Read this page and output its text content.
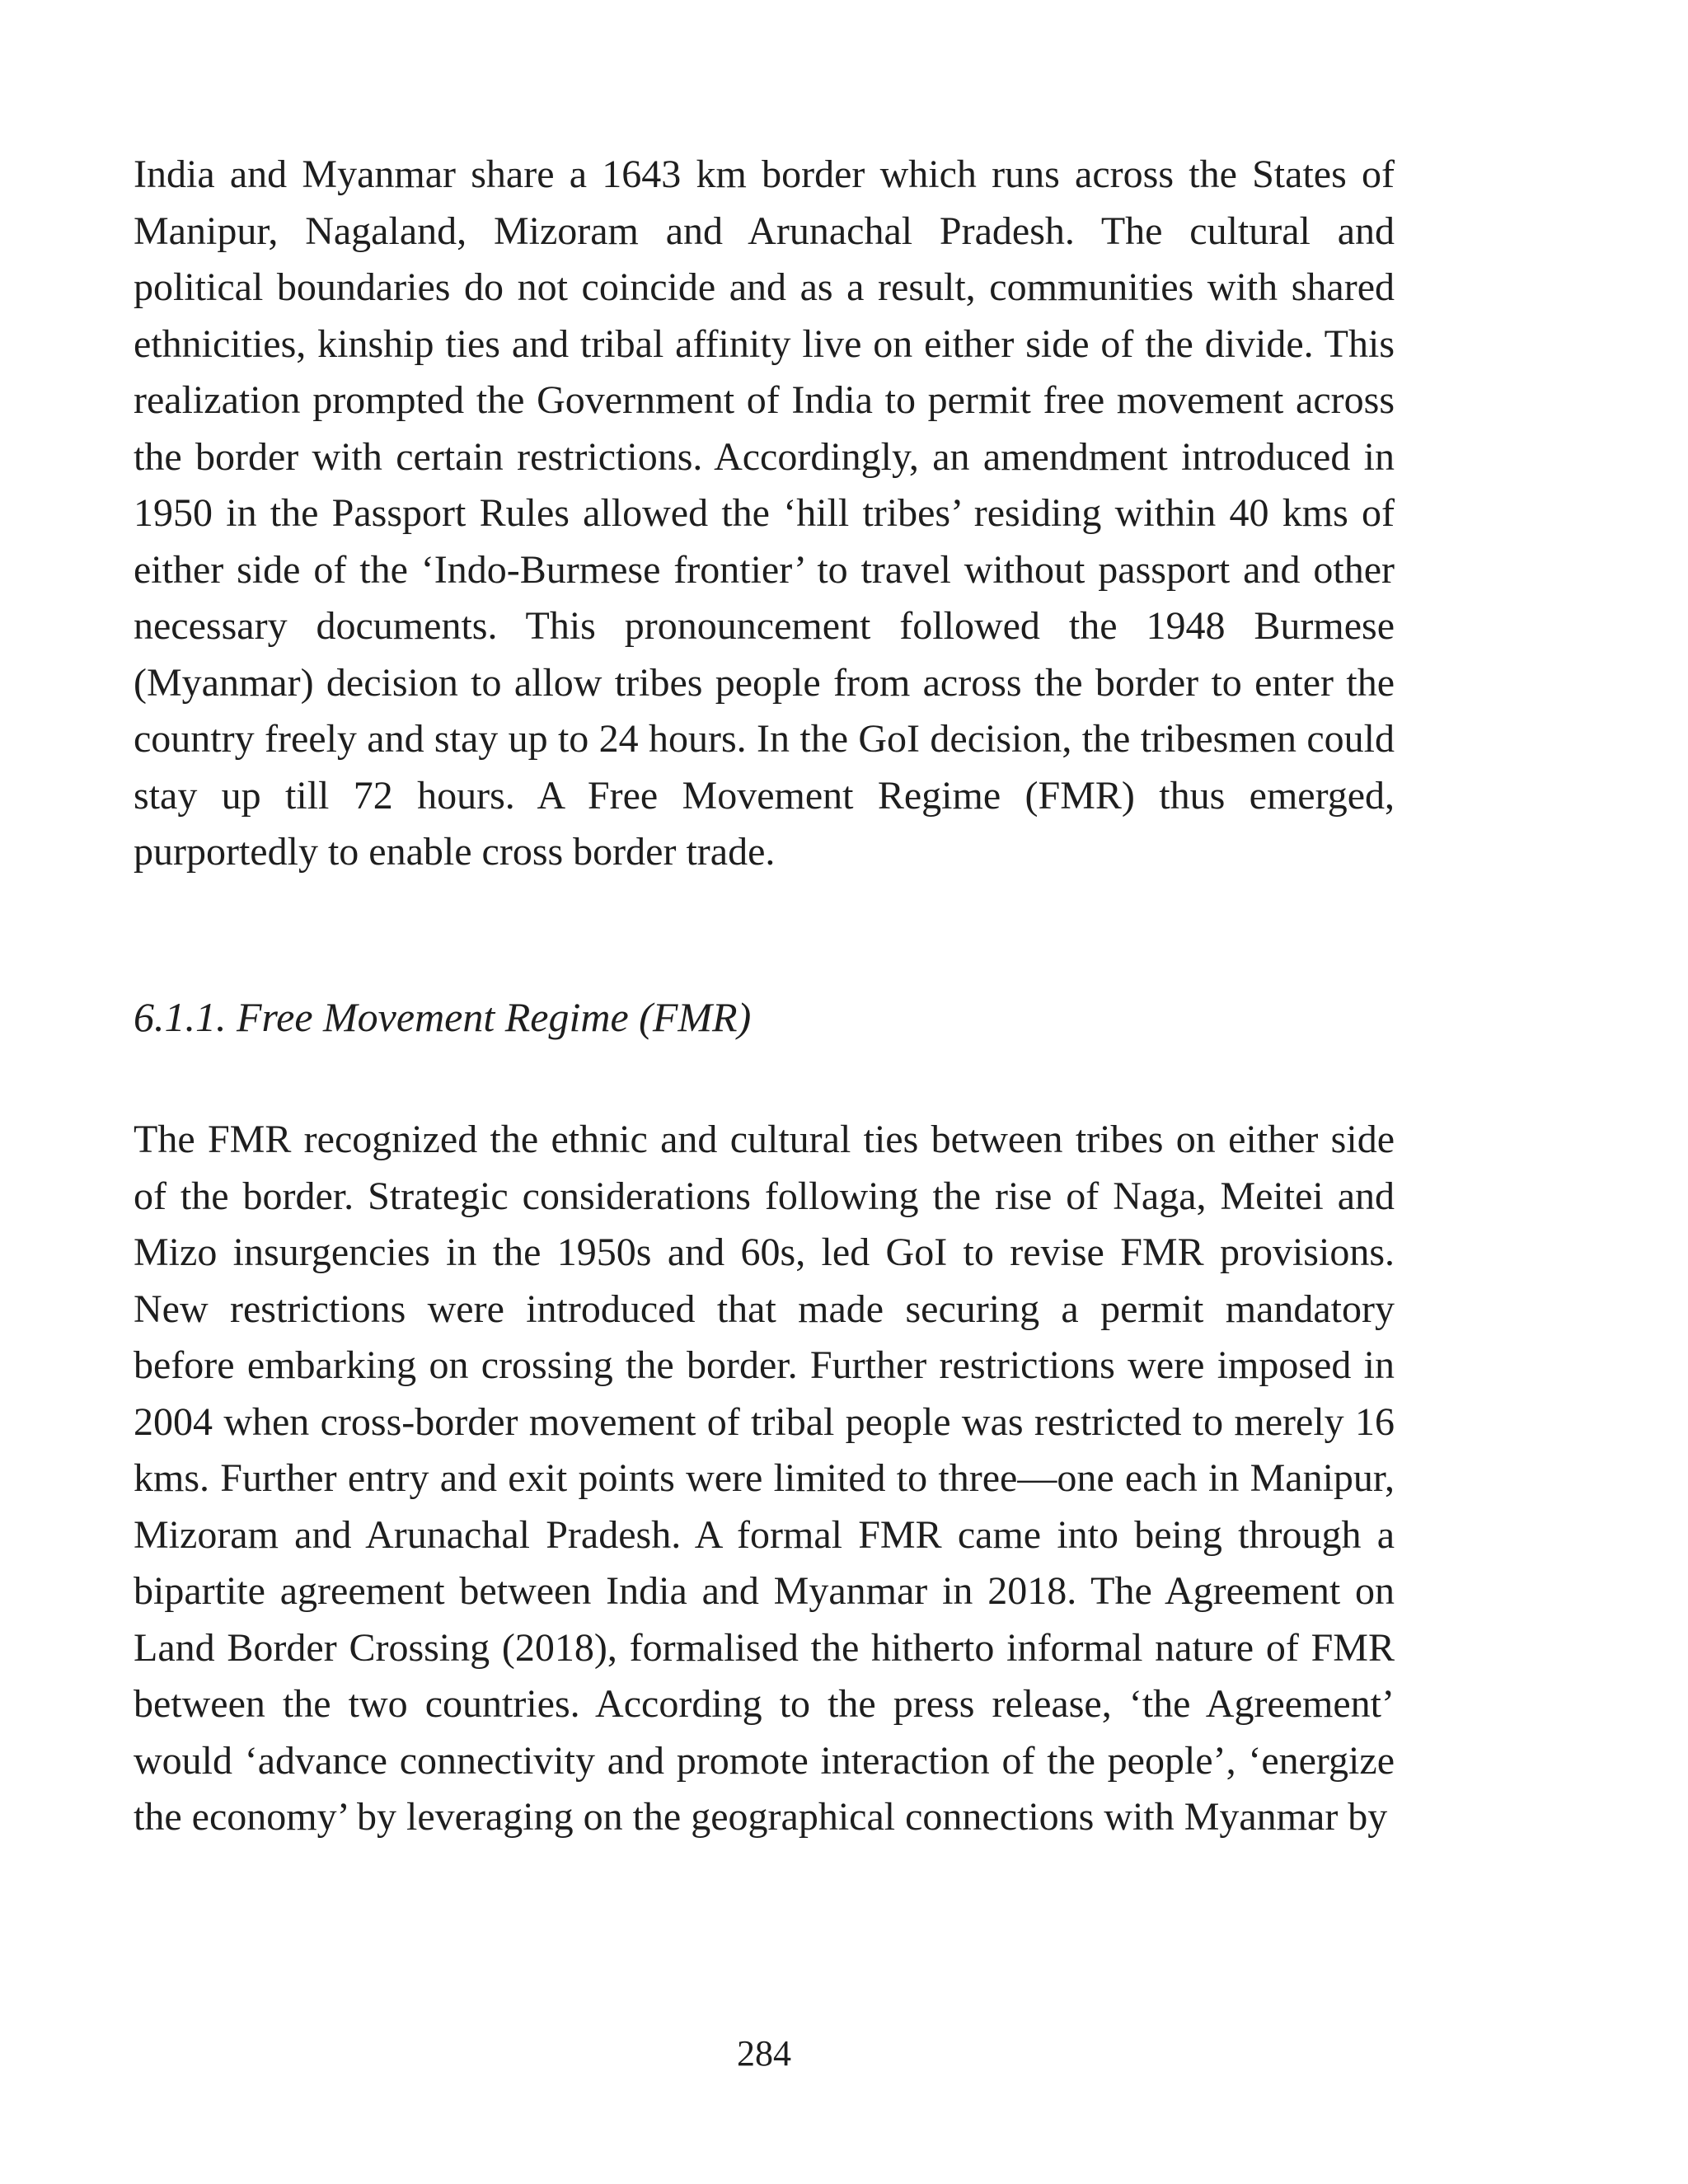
India and Myanmar share a 1643 km border which runs across the States of Manipur, Nagaland, Mizoram and Arunachal Pradesh. The cultural and political boundaries do not coincide and as a result, communities with shared ethnicities, kinship ties and tribal affinity live on either side of the divide. This realization prompted the Government of India to permit free movement across the border with certain restrictions. Accordingly, an amendment introduced in 1950 in the Passport Rules allowed the ‘hill tribes’ residing within 40 kms of either side of the ‘Indo-Burmese frontier’ to travel without passport and other necessary documents. This pronouncement followed the 1948 Burmese (Myanmar) decision to allow tribes people from across the border to enter the country freely and stay up to 24 hours. In the GoI decision, the tribesmen could stay up till 72 hours. A Free Movement Regime (FMR) thus emerged, purportedly to enable cross border trade.

6.1.1. Free Movement Regime (FMR)

The FMR recognized the ethnic and cultural ties between tribes on either side of the border. Strategic considerations following the rise of Naga, Meitei and Mizo insurgencies in the 1950s and 60s, led GoI to revise FMR provisions. New restrictions were introduced that made securing a permit mandatory before embarking on crossing the border. Further restrictions were imposed in 2004 when cross-border movement of tribal people was restricted to merely 16 kms. Further entry and exit points were limited to three—one each in Manipur, Mizoram and Arunachal Pradesh. A formal FMR came into being through a bipartite agreement between India and Myanmar in 2018. The Agreement on Land Border Crossing (2018), formalised the hitherto informal nature of FMR between the two countries. According to the press release, ‘the Agreement’ would ‘advance connectivity and promote interaction of the people’, ‘energize the economy’ by leveraging on the geographical connections with Myanmar by

284
